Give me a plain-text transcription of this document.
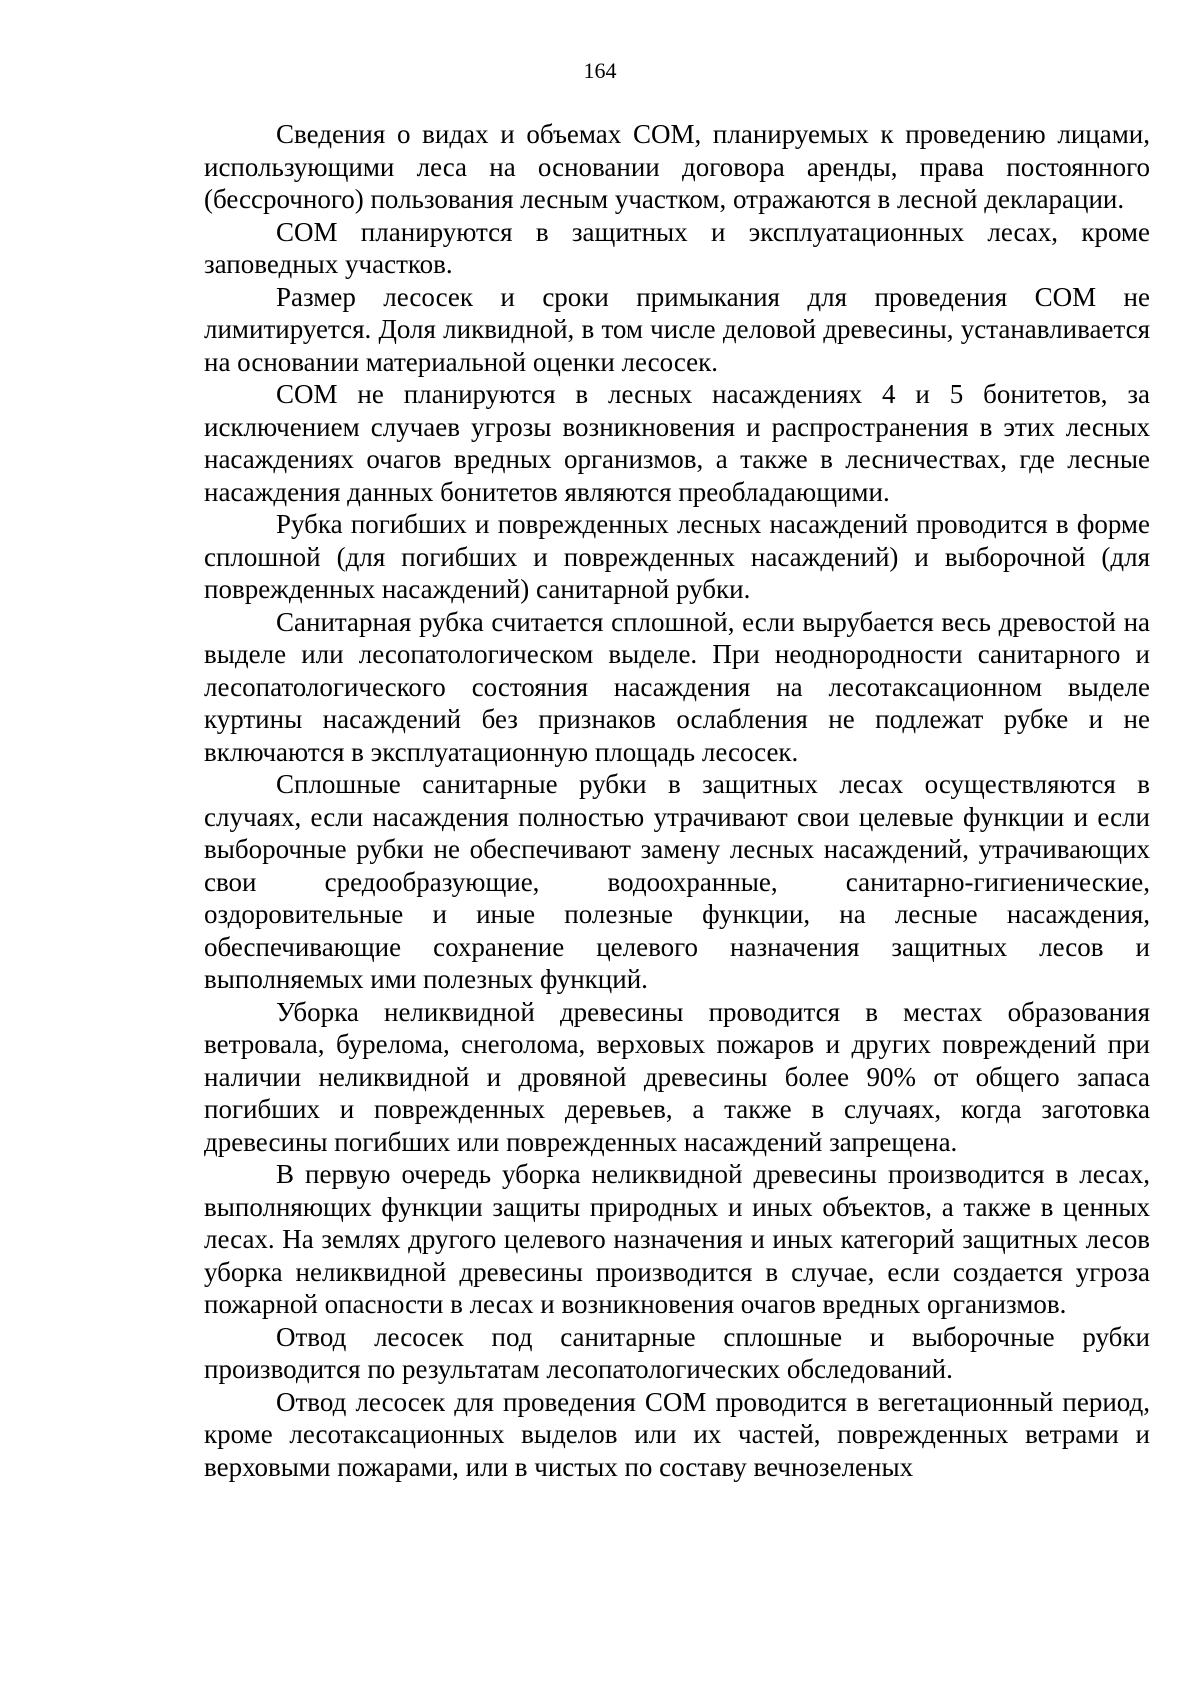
164

Сведения о видах и объемах СОМ, планируемых к проведению лицами, использующими леса на основании договора аренды, права постоянного (бессрочного) пользования лесным участком, отражаются в лесной декларации.

СОМ планируются в защитных и эксплуатационных лесах, кроме заповедных участков.

Размер лесосек и сроки примыкания для проведения СОМ не лимитируется. Доля ликвидной, в том числе деловой древесины, устанавливается на основании материальной оценки лесосек.

СОМ не планируются в лесных насаждениях 4 и 5 бонитетов, за исключением случаев угрозы возникновения и распространения в этих лесных насаждениях очагов вредных организмов, а также в лесничествах, где лесные насаждения данных бонитетов являются преобладающими.

Рубка погибших и поврежденных лесных насаждений проводится в форме сплошной (для погибших и поврежденных насаждений) и выборочной (для поврежденных насаждений) санитарной рубки.

Санитарная рубка считается сплошной, если вырубается весь древостой на выделе или лесопатологическом выделе. При неоднородности санитарного и лесопатологического состояния насаждения на лесотаксационном выделе куртины насаждений без признаков ослабления не подлежат рубке и не включаются в эксплуатационную площадь лесосек.

Сплошные санитарные рубки в защитных лесах осуществляются в случаях, если насаждения полностью утрачивают свои целевые функции и если выборочные рубки не обеспечивают замену лесных насаждений, утрачивающих свои средообразующие, водоохранные, санитарно-гигиенические, оздоровительные и иные полезные функции, на лесные насаждения, обеспечивающие сохранение целевого назначения защитных лесов и выполняемых ими полезных функций.

Уборка неликвидной древесины проводится в местах образования ветровала, бурелома, снеголома, верховых пожаров и других повреждений при наличии неликвидной и дровяной древесины более 90% от общего запаса погибших и поврежденных деревьев, а также в случаях, когда заготовка древесины погибших или поврежденных насаждений запрещена.

В первую очередь уборка неликвидной древесины производится в лесах, выполняющих функции защиты природных и иных объектов, а также в ценных лесах. На землях другого целевого назначения и иных категорий защитных лесов уборка неликвидной древесины производится в случае, если создается угроза пожарной опасности в лесах и возникновения очагов вредных организмов.

Отвод лесосек под санитарные сплошные и выборочные рубки производится по результатам лесопатологических обследований.

Отвод лесосек для проведения СОМ проводится в вегетационный период, кроме лесотаксационных выделов или их частей, поврежденных ветрами и верховыми пожарами, или в чистых по составу вечнозеленых
